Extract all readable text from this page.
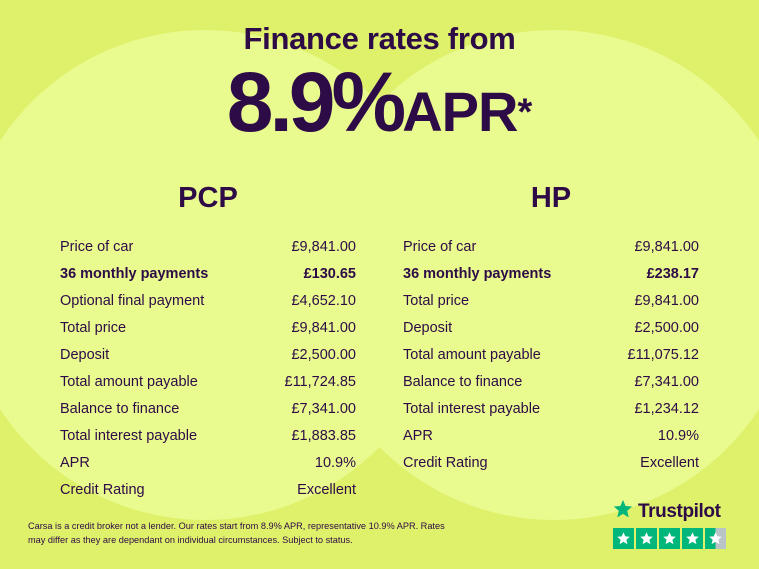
Finance rates from
8.9%APR*
PCP
Price of car	£9,841.00
36 monthly payments	£130.65
Optional final payment	£4,652.10
Total price	£9,841.00
Deposit	£2,500.00
Total amount payable	£11,724.85
Balance to finance	£7,341.00
Total interest payable	£1,883.85
APR	10.9%
Credit Rating	Excellent
HP
Price of car	£9,841.00
36 monthly payments	£238.17
Total price	£9,841.00
Deposit	£2,500.00
Total amount payable	£11,075.12
Balance to finance	£7,341.00
Total interest payable	£1,234.12
APR	10.9%
Credit Rating	Excellent
Carsa is a credit broker not a lender. Our rates start from 8.9% APR, representative 10.9% APR. Rates may differ as they are dependant on individual circumstances. Subject to status.
Trustpilot
